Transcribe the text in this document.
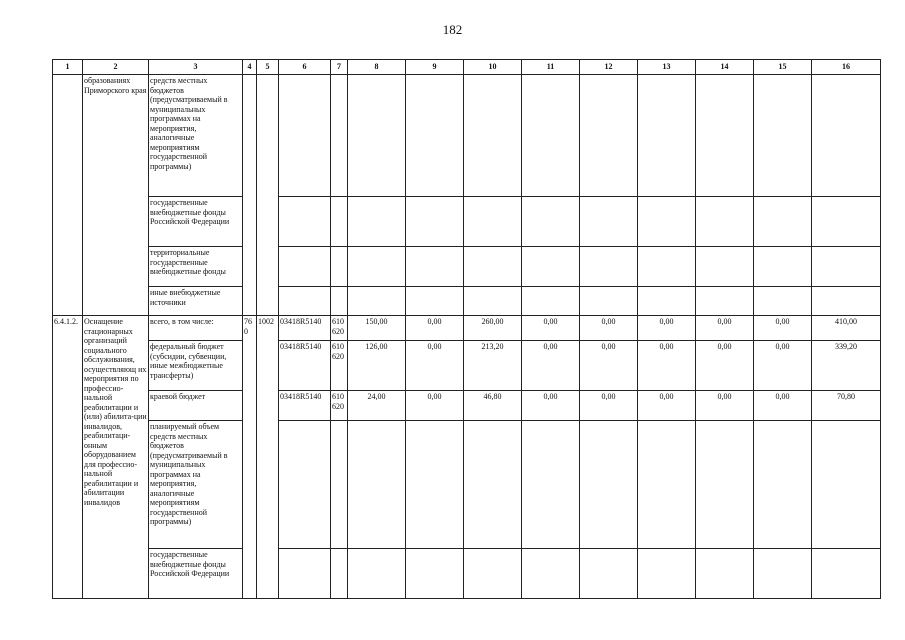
182
1	2	3	4	5	6	7	8	9	10	11	12	13	14	15	16
	образованиях Приморского края	средств местных бюджетов (предусматриваемый в муниципальных программах на мероприятия, аналогичные мероприятиям государственной программы)													
		государственные внебюджетные фонды Российской Федерации													
		территориальные государственные внебюджетные фонды													
		иные внебюджетные источники													
6.4.1.2.	Оснащение стационарных организаций социального обслуживания, осуществляющ их мероприятия по профессио-нальной реабилитации и (или) абилита-ции инвалидов, реабилитаци-онным оборудованием для профессио-нальной реабилитации и абилитации инвалидов	всего, в том числе:	760	1002	03418R5140	610 620	150,00	0,00	260,00	0,00	0,00	0,00	0,00	0,00	410,00
		федеральный бюджет (субсидии, субвенции, иные межбюджетные трансферты)			03418R5140	610 620	126,00	0,00	213,20	0,00	0,00	0,00	0,00	0,00	339,20
		краевой бюджет			03418R5140	610 620	24,00	0,00	46,80	0,00	0,00	0,00	0,00	0,00	70,80
		планируемый объем средств местных бюджетов (предусматриваемый в муниципальных программах на мероприятия, аналогичные мероприятиям государственной программы)													
		государственные внебюджетные фонды Российской Федерации													
